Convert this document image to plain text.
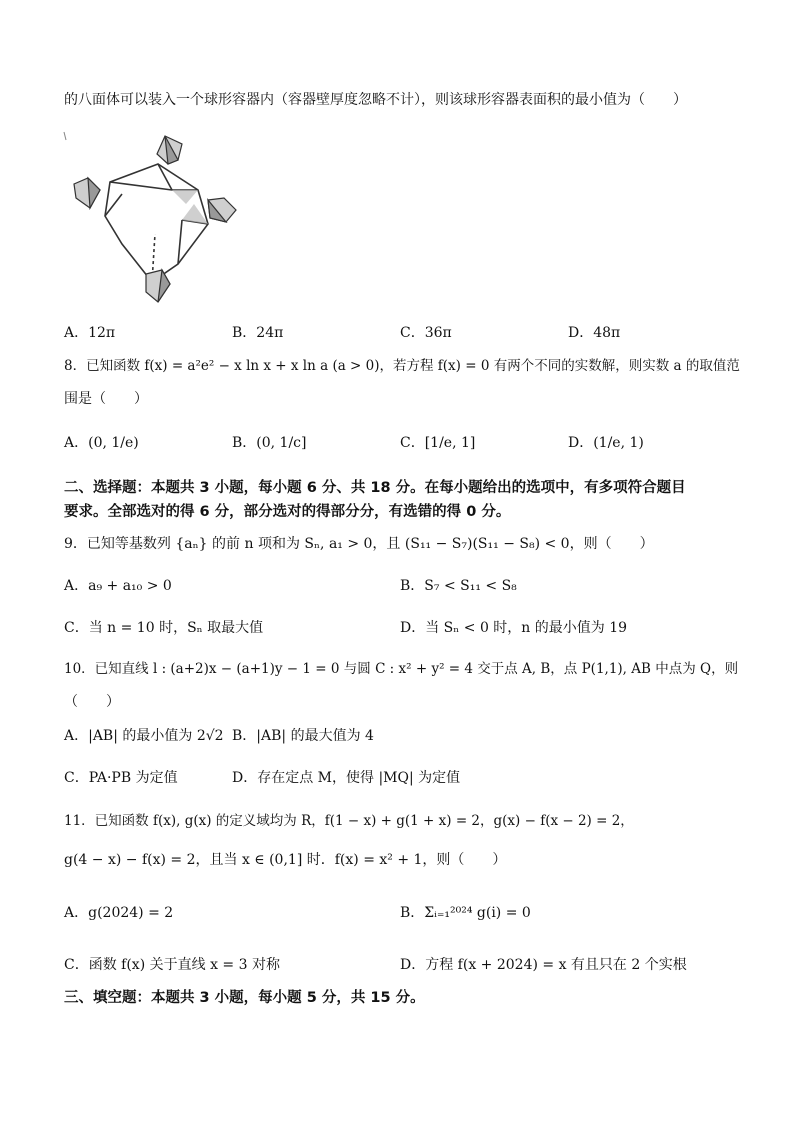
的八面体可以装入一个球形容器内（容器壁厚度忽略不计），则该球形容器表面积的最小值为（　　）
A．12π	B．24π	C．36π	D．48π
8．已知函数 f(x) = a²e² − x ln x + x ln a (a > 0)，若方程 f(x) = 0 有两个不同的实数解，则实数 a 的取值范
围是（　　）
A．(0, 1/e)	B．(0, 1/c]	C．[1/e, 1]	D．(1/e, 1)
二、选择题：本题共 3 小题，每小题 6 分、共 18 分。在每小题给出的选项中，有多项符合题目
要求。全部选对的得 6 分，部分选对的得部分分，有选错的得 0 分。
9．已知等基数列 {aₙ} 的前 n 项和为 Sₙ, a₁ > 0，且 (S₁₁ − S₇)(S₁₁ − S₈) < 0，则（　　）
A．a₉ + a₁₀ > 0	B．S₇ < S₁₁ < S₈
C．当 n = 10 时，Sₙ 取最大值	D．当 Sₙ < 0 时，n 的最小值为 19
10．已知直线 l : (a+2)x − (a+1)y − 1 = 0 与圆 C : x² + y² = 4 交于点 A, B，点 P(1,1), AB 中点为 Q，则
（　　）
A．|AB| 的最小值为 2√2 B．|AB| 的最大值为 4
C．PA·PB 为定值	D．存在定点 M，使得 |MQ| 为定值
11．已知函数 f(x), g(x) 的定义域均为 R，f(1 − x) + g(1 + x) = 2，g(x) − f(x − 2) = 2，
g(4 − x) − f(x) = 2，且当 x ∈ (0,1] 时．f(x) = x² + 1，则（　　）
A．g(2024) = 2	B．Σᵢ₌₁²⁰²⁴ g(i) = 0
C．函数 f(x) 关于直线 x = 3 对称	D．方程 f(x + 2024) = x 有且只在 2 个实根
三、填空题：本题共 3 小题，每小题 5 分，共 15 分。
